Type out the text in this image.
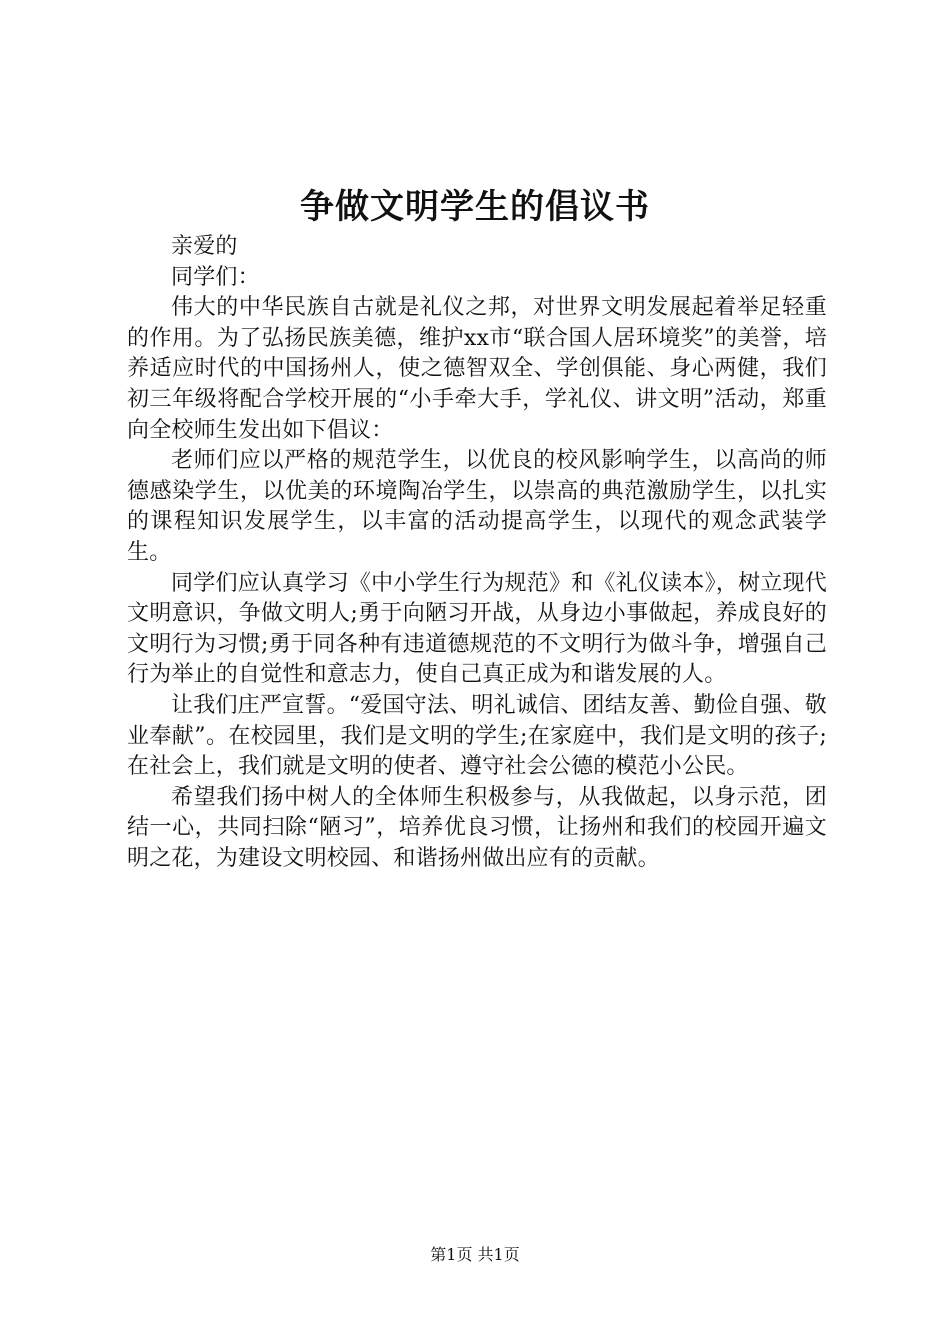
争做文明学生的倡议书

亲爱的

同学们：

伟大的中华民族自古就是礼仪之邦，对世界文明发展起着举足轻重的作用。为了弘扬民族美德，维护xx市“联合国人居环境奖”的美誉，培养适应时代的中国扬州人，使之德智双全、学创俱能、身心两健，我们初三年级将配合学校开展的“小手牵大手，学礼仪、讲文明”活动，郑重向全校师生发出如下倡议：

老师们应以严格的规范学生，以优良的校风影响学生，以高尚的师德感染学生，以优美的环境陶冶学生，以崇高的典范激励学生，以扎实的课程知识发展学生，以丰富的活动提高学生，以现代的观念武装学生。

同学们应认真学习《中小学生行为规范》和《礼仪读本》，树立现代文明意识，争做文明人;勇于向陋习开战，从身边小事做起，养成良好的文明行为习惯;勇于同各种有违道德规范的不文明行为做斗争，增强自己行为举止的自觉性和意志力，使自己真正成为和谐发展的人。

让我们庄严宣誓。“爱国守法、明礼诚信、团结友善、勤俭自强、敬业奉献”。在校园里，我们是文明的学生;在家庭中，我们是文明的孩子;在社会上，我们就是文明的使者、遵守社会公德的模范小公民。

希望我们扬中树人的全体师生积极参与，从我做起，以身示范，团结一心，共同扫除“陋习”，培养优良习惯，让扬州和我们的校园开遍文明之花，为建设文明校园、和谐扬州做出应有的贡献。

第1页 共1页
